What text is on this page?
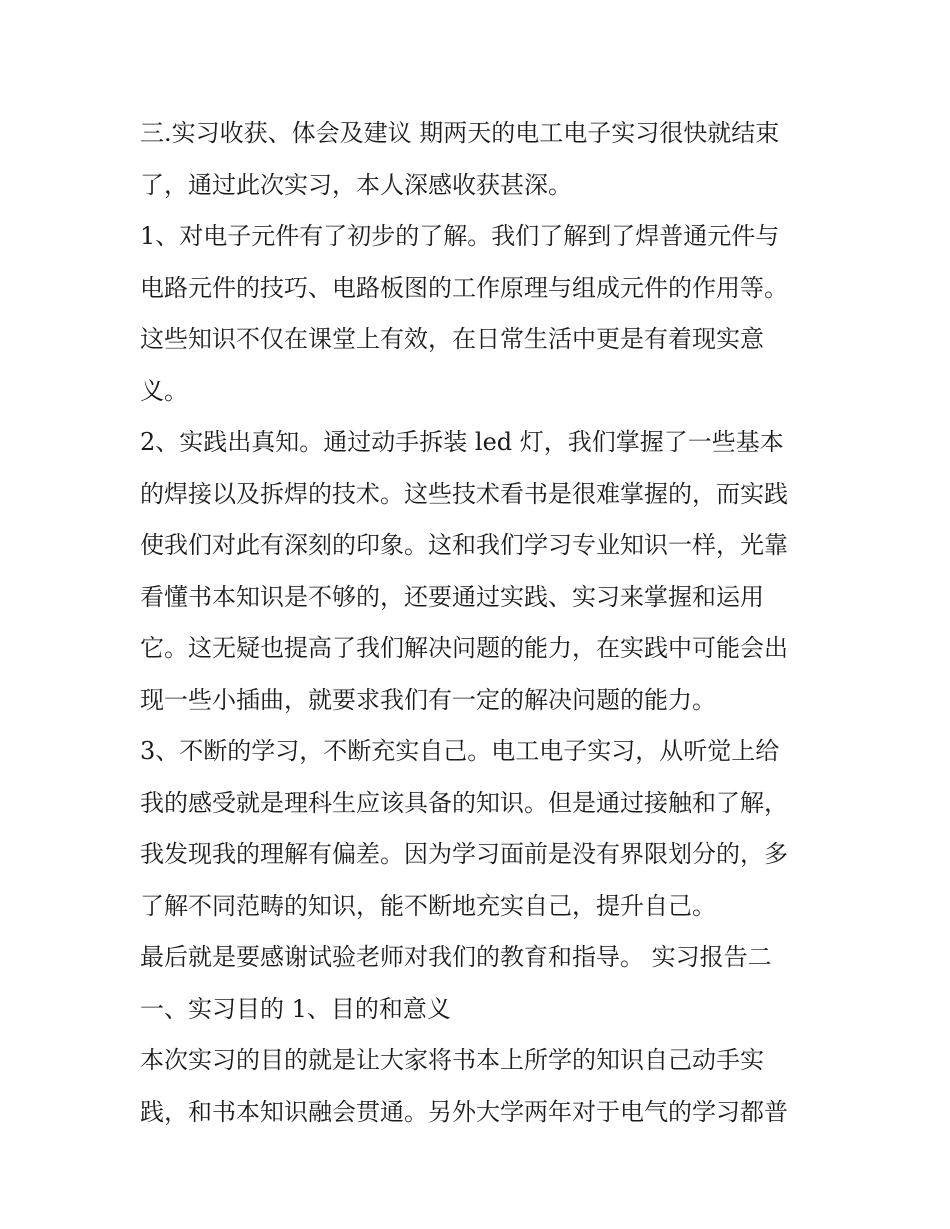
三.实习收获、体会及建议 期两天的电工电子实习很快就结束
了，通过此次实习，本人深感收获甚深。
1、对电子元件有了初步的了解。我们了解到了焊普通元件与
电路元件的技巧、电路板图的工作原理与组成元件的作用等。
这些知识不仅在课堂上有效，在日常生活中更是有着现实意
义。
2、实践出真知。通过动手拆装 led 灯，我们掌握了一些基本
的焊接以及拆焊的技术。这些技术看书是很难掌握的，而实践
使我们对此有深刻的印象。这和我们学习专业知识一样，光靠
看懂书本知识是不够的，还要通过实践、实习来掌握和运用
它。这无疑也提高了我们解决问题的能力，在实践中可能会出
现一些小插曲，就要求我们有一定的解决问题的能力。
3、不断的学习，不断充实自己。电工电子实习，从听觉上给
我的感受就是理科生应该具备的知识。但是通过接触和了解，
我发现我的理解有偏差。因为学习面前是没有界限划分的，多
了解不同范畴的知识，能不断地充实自己，提升自己。
最后就是要感谢试验老师对我们的教育和指导。 实习报告二
一、实习目的 1、目的和意义
本次实习的目的就是让大家将书本上所学的知识自己动手实
践，和书本知识融会贯通。另外大学两年对于电气的学习都普
